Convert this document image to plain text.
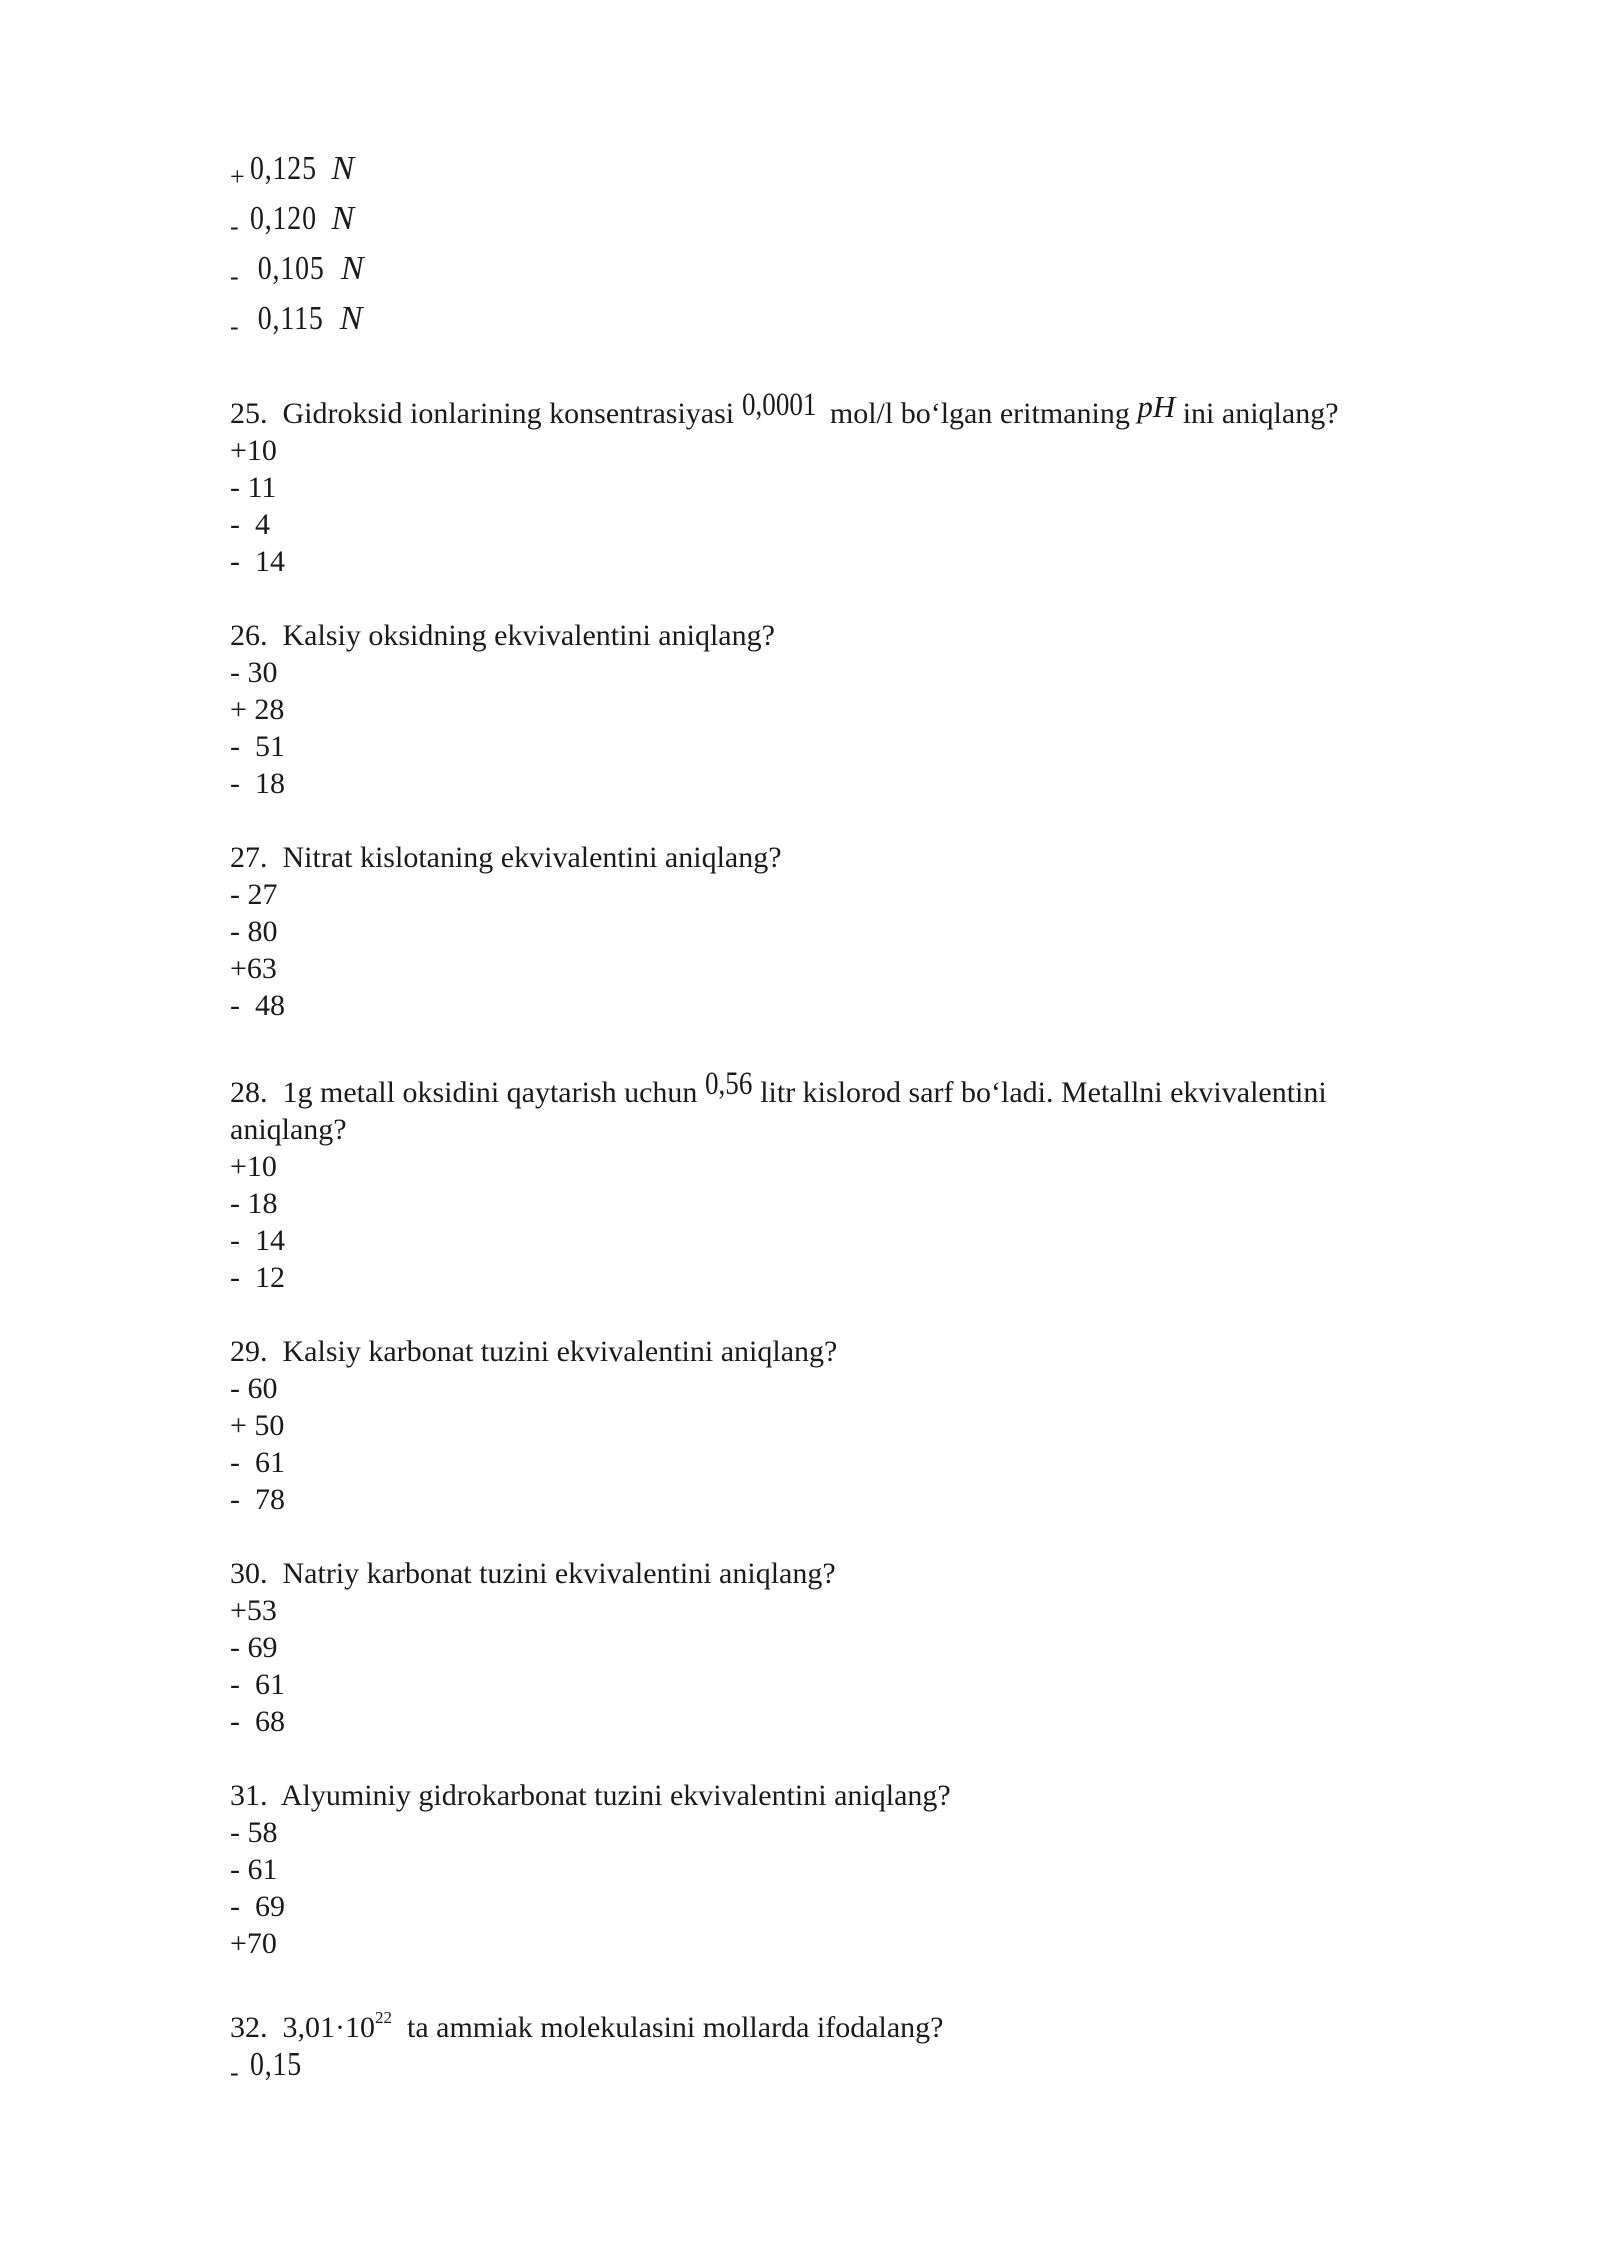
+ 0,125 N
- 0,120 N
- 0,105 N
- 0,115 N
25. Gidroksid ionlarining konsentrasiyasi 0,0001 mol/l bo‘lgan eritmaning pH ini aniqlang?
+10
- 11
-  4
-  14
26. Kalsiy oksidning ekvivalentini aniqlang?
- 30
+ 28
-  51
-  18
27. Nitrat kislotaning ekvivalentini aniqlang?
- 27
- 80
+63
-  48
28. 1g metall oksidini qaytarish uchun 0,56 litr kislorod sarf bo‘ladi. Metallni ekvivalentini
aniqlang?
+10
- 18
-  14
-  12
29. Kalsiy karbonat tuzini ekvivalentini aniqlang?
- 60
+ 50
-  61
-  78
30. Natriy karbonat tuzini ekvivalentini aniqlang?
+53
- 69
-  61
-  68
31. Alyuminiy gidrokarbonat tuzini ekvivalentini aniqlang?
- 58
- 61
-  69
+70
32. $3,01\cdot 10^{22}$ ta ammiak molekulasini mollarda ifodalang?
- 0,15
